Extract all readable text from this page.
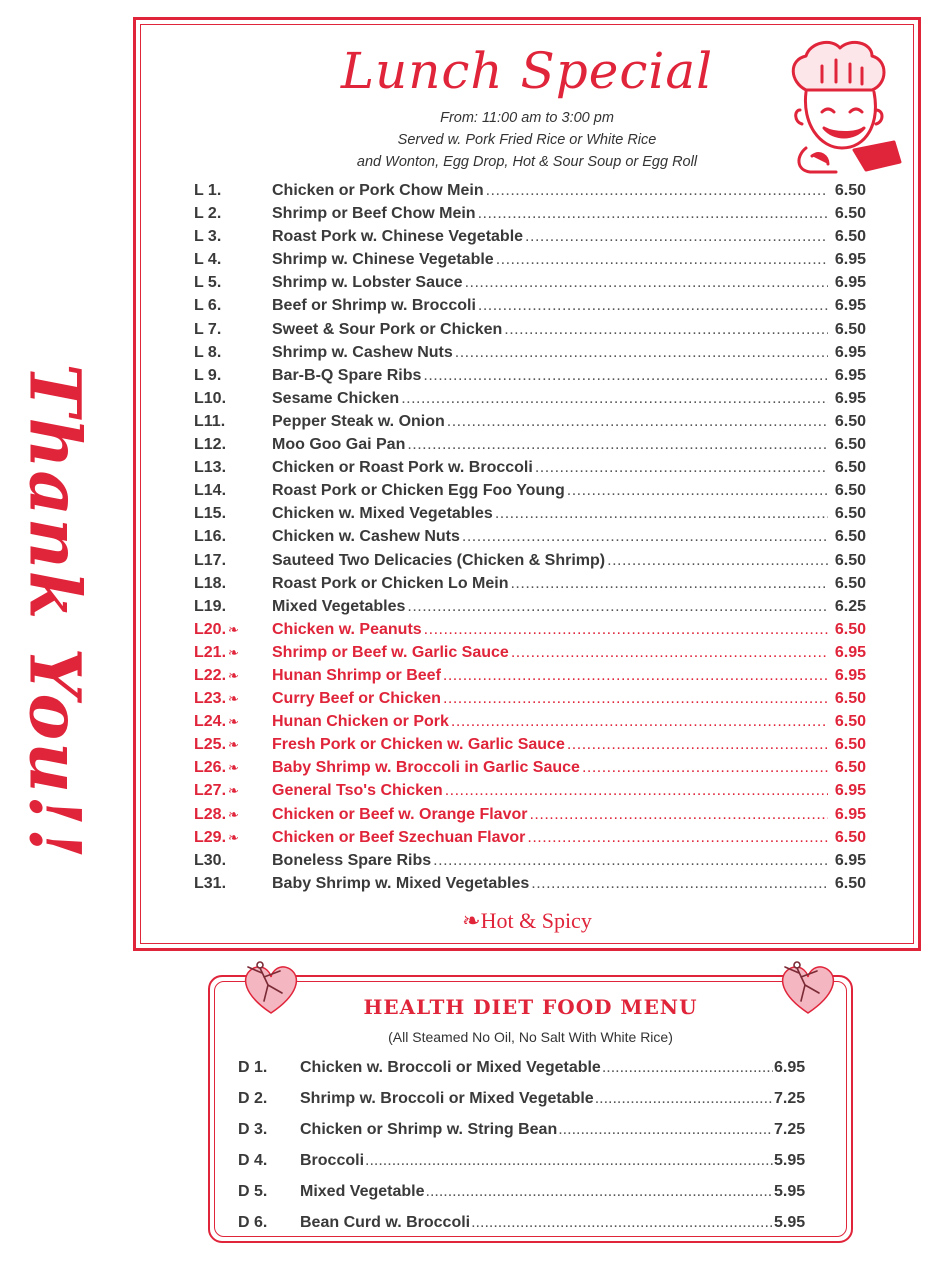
Thank You!!
Lunch Special
From: 11:00 am to 3:00 pm
Served w. Pork Fried Rice or White Rice
and Wonton, Egg Drop, Hot & Sour Soup or Egg Roll
L 1.	Chicken or Pork Chow Mein .....	6.50
L 2.	Shrimp or Beef Chow Mein .....	6.50
L 3.	Roast Pork w. Chinese Vegetable .....	6.50
L 4.	Shrimp w. Chinese Vegetable .....	6.95
L 5.	Shrimp w. Lobster Sauce .....	6.95
L 6.	Beef or Shrimp w. Broccoli .....	6.95
L 7.	Sweet & Sour Pork or Chicken .....	6.50
L 8.	Shrimp w. Cashew Nuts .....	6.95
L 9.	Bar-B-Q Spare Ribs .....	6.95
L10.	Sesame Chicken .....	6.95
L11.	Pepper Steak w. Onion .....	6.50
L12.	Moo Goo Gai Pan .....	6.50
L13.	Chicken or Roast Pork w. Broccoli .....	6.50
L14.	Roast Pork or Chicken Egg Foo Young .....	6.50
L15.	Chicken w. Mixed Vegetables .....	6.50
L16.	Chicken w. Cashew Nuts .....	6.50
L17.	Sauteed Two Delicacies (Chicken & Shrimp) .....	6.50
L18.	Roast Pork or Chicken Lo Mein .....	6.50
L19.	Mixed Vegetables .....	6.25
L20. ❧ Chicken w. Peanuts .....	6.50
L21. ❧ Shrimp or Beef w. Garlic Sauce .....	6.95
L22. ❧ Hunan Shrimp or Beef .....	6.95
L23. ❧ Curry Beef or Chicken .....	6.50
L24. ❧ Hunan Chicken or Pork .....	6.50
L25. ❧ Fresh Pork or Chicken w. Garlic Sauce .....	6.50
L26. ❧ Baby Shrimp w. Broccoli in Garlic Sauce .....	6.50
L27. ❧ General Tso's Chicken .....	6.95
L28. ❧ Chicken or Beef w. Orange Flavor .....	6.95
L29. ❧ Chicken or Beef Szechuan Flavor .....	6.50
L30.	Boneless Spare Ribs .....	6.95
L31.	Baby Shrimp w. Mixed Vegetables .....	6.50
❧Hot & Spicy
HEALTH DIET FOOD MENU
(All Steamed No Oil, No Salt With White Rice)
D 1.	Chicken w. Broccoli or Mixed Vegetable .....	6.95
D 2.	Shrimp w. Broccoli or Mixed Vegetable .....	7.25
D 3.	Chicken or Shrimp w. String Bean .....	7.25
D 4.	Broccoli .....	5.95
D 5.	Mixed Vegetable .....	5.95
D 6.	Bean Curd w. Broccoli .....	5.95
